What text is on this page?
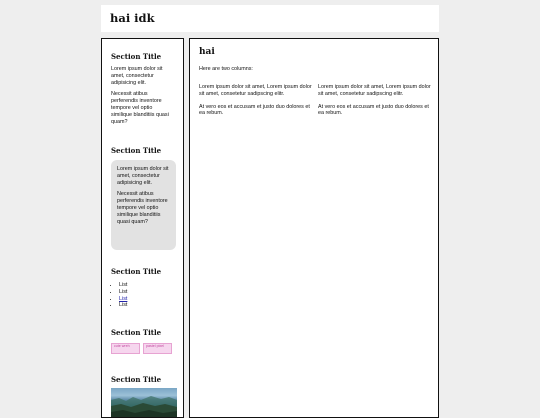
hai idk
Section Title

Lorem ipsum dolor sit amet, consectetur adipisicing elit.

Necessit atibus perferendis inventore tempore vel optio similique blanditiis quasi quam?

Section Title

Lorem ipsum dolor sit amet, consectetur adipisicing elit.

Necessit atibus perferendis inventore tempore vel optio similique blanditiis quasi quam?

Section Title
• List
• List
• List
• List
Section Title
cute wreh	pastel pixel
Section Title
hai

Here are two columns:

Lorem ipsum dolor sit amet, Lorem ipsum dolor sit amet, consetetur sadipscing elitr.

At vero eos et accusam et justo duo dolores et ea rebum.

Lorem ipsum dolor sit amet, Lorem ipsum dolor sit amet, consetetur sadipscing elitr.

At vero eos et accusam et justo duo dolores et ea rebum.
